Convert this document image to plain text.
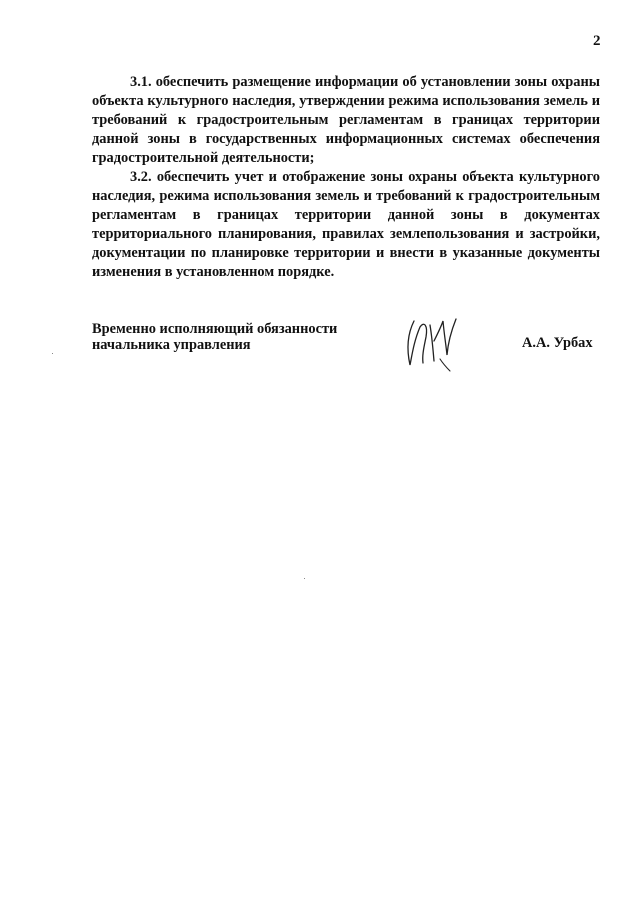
2

3.1. обеспечить размещение информации об установлении зоны охраны объекта культурного наследия, утверждении режима использования земель и требований к градостроительным регламентам в границах территории данной зоны в государственных информационных системах обеспечения градостроительной деятельности;

3.2. обеспечить учет и отображение зоны охраны объекта культурного наследия, режима использования земель и требований к градостроительным регламентам в границах территории данной зоны в документах территориального планирования, правилах землепользования и застройки, документации по планировке территории и внести в указанные документы изменения в установленном порядке.

Временно исполняющий обязанности
начальника управления	А.А. Урбах
